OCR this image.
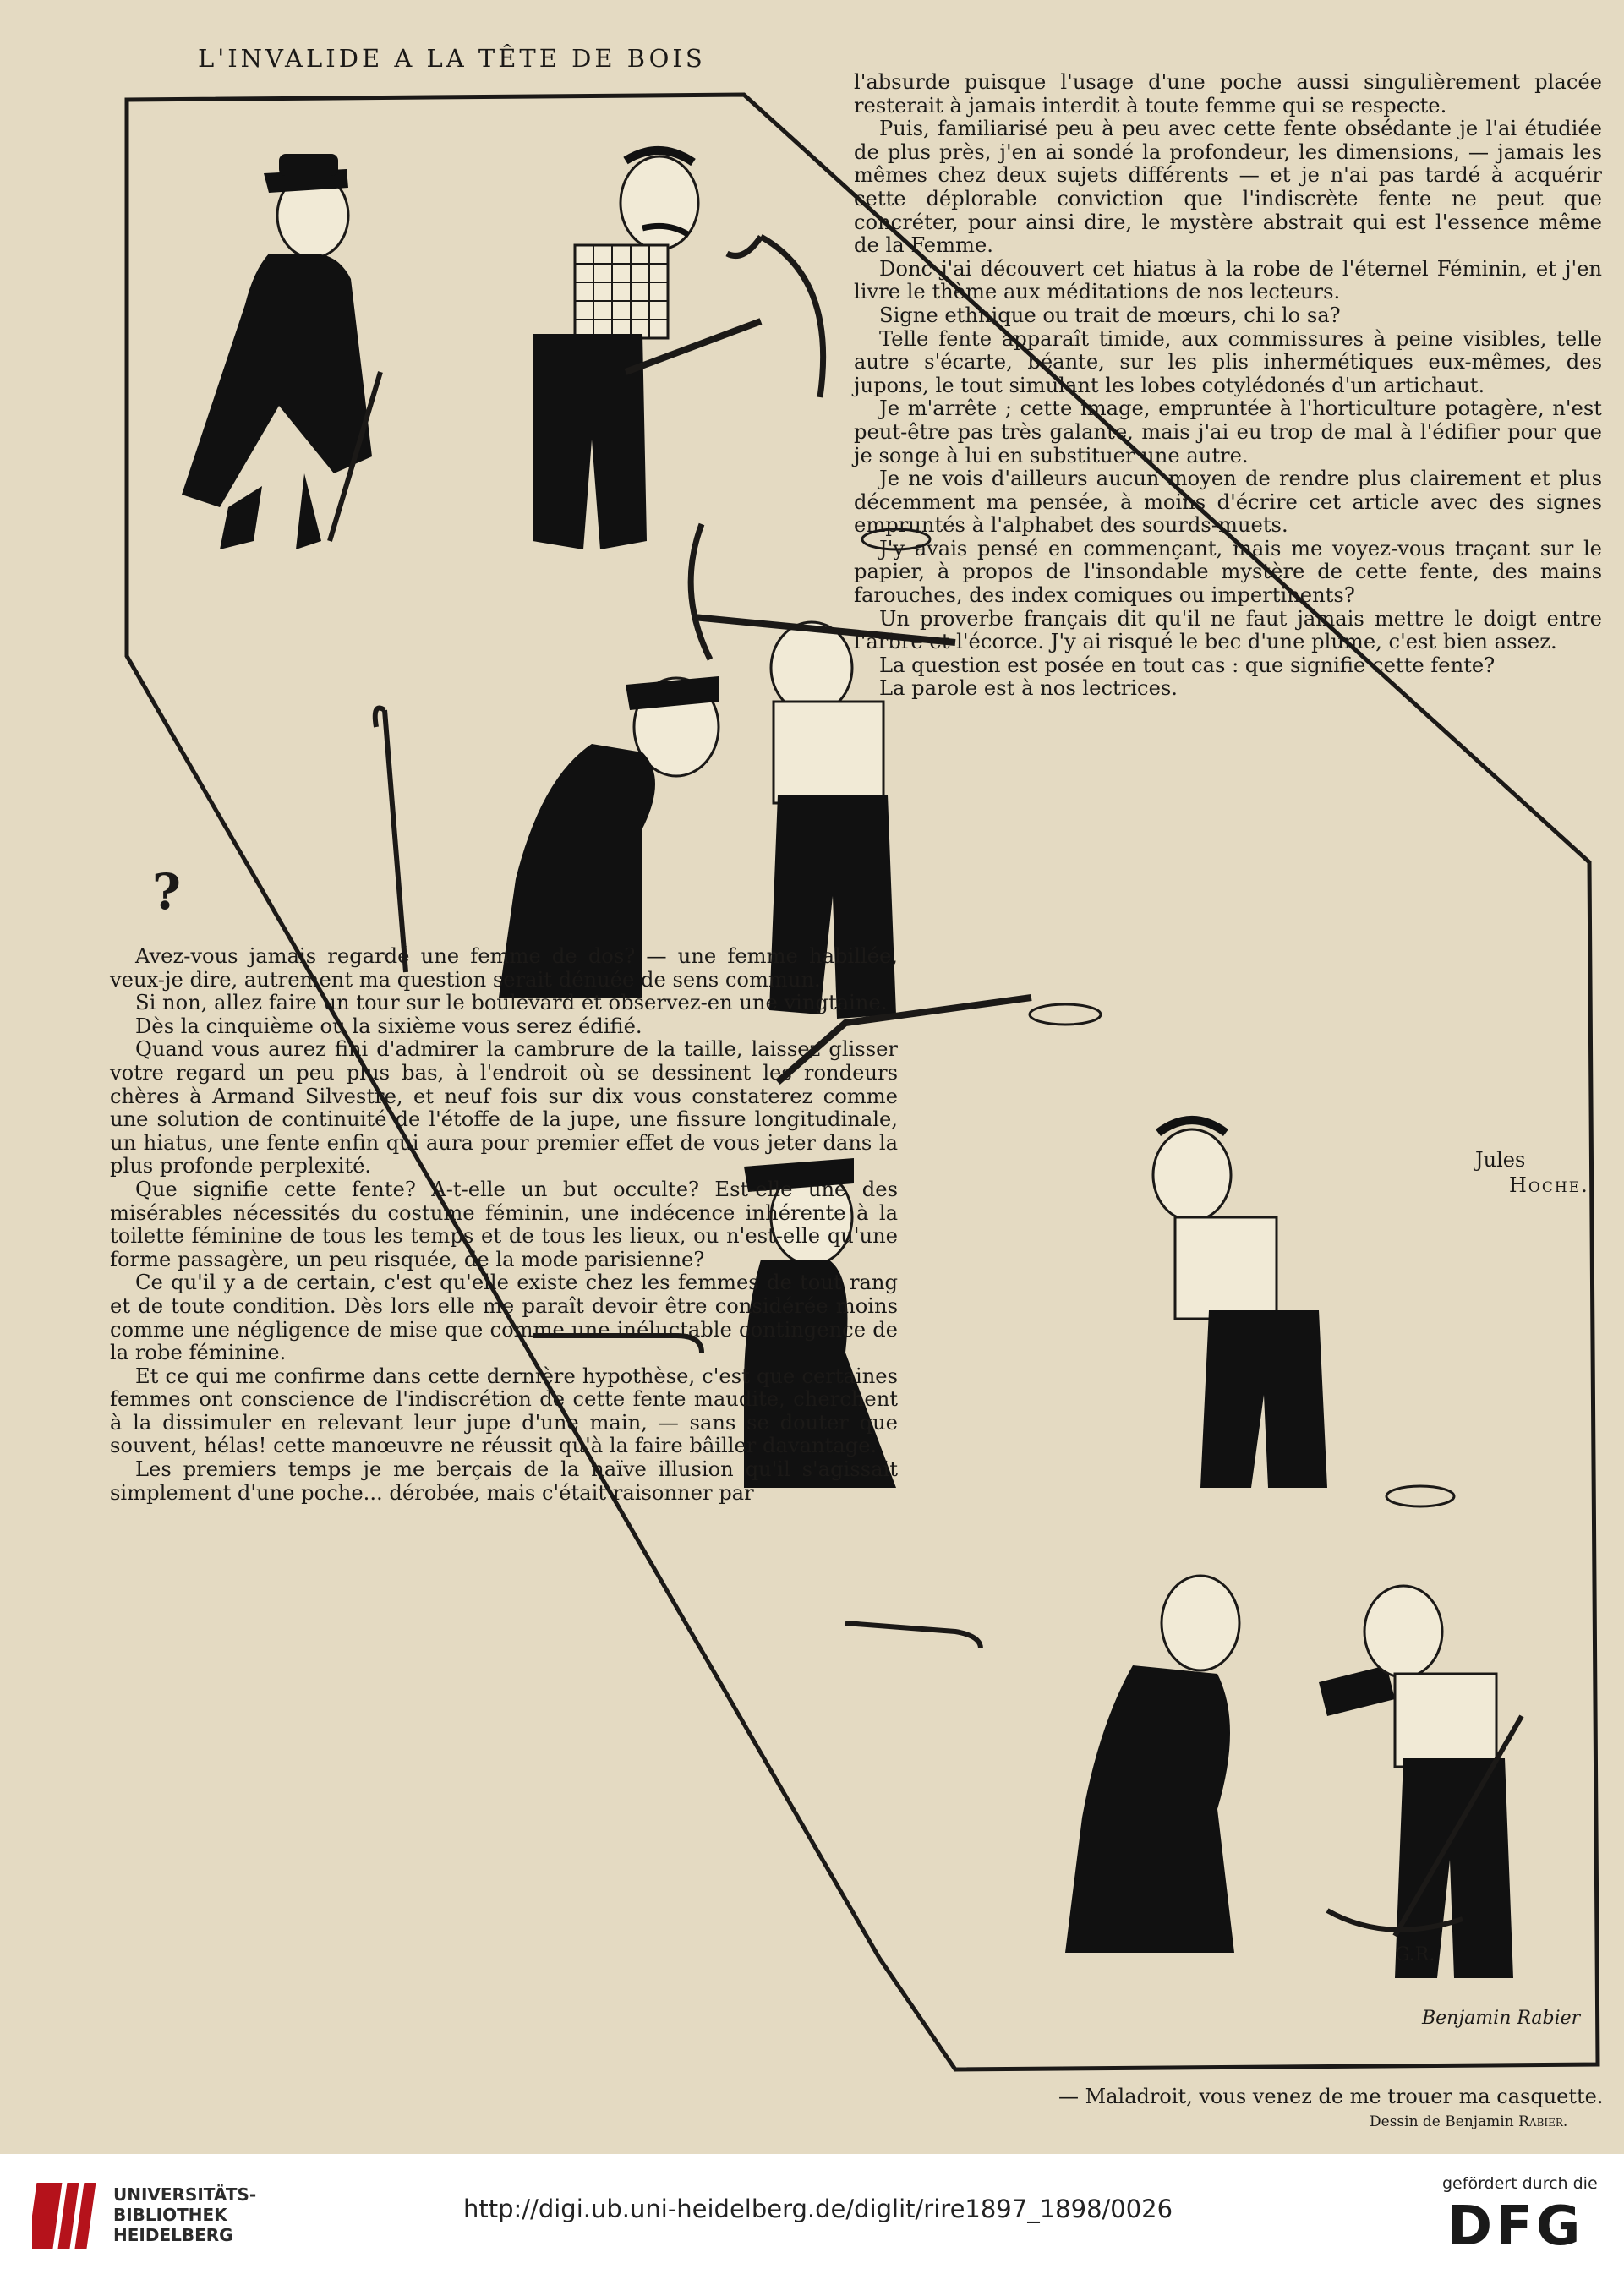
L'INVALIDE A LA TÊTE DE BOIS

l'absurde puisque l'usage d'une poche aussi singulièrement placée resterait à jamais interdit à toute femme qui se respecte.

Puis, familiarisé peu à peu avec cette fente obsédante je l'ai étudiée de plus près, j'en ai sondé la profondeur, les dimensions, — jamais les mêmes chez deux sujets différents — et je n'ai pas tardé à acquérir cette déplorable conviction que l'indiscrète fente ne peut que concréter, pour ainsi dire, le mystère abstrait qui est l'essence même de la Femme.

Donc j'ai découvert cet hiatus à la robe de l'éternel Féminin, et j'en livre le thème aux méditations de nos lecteurs.

Signe ethnique ou trait de mœurs, chi lo sa?

Telle fente apparaît timide, aux commissures à peine visibles, telle autre s'écarte, béante, sur les plis inhermétiques eux-mêmes, des jupons, le tout simulant les lobes cotylédonés d'un artichaut.

Je m'arrête ; cette image, empruntée à l'horticulture potagère, n'est peut-être pas très galante, mais j'ai eu trop de mal à l'édifier pour que je songe à lui en substituer une autre.

Je ne vois d'ailleurs aucun moyen de rendre plus clairement et plus décemment ma pensée, à moins d'écrire cet article avec des signes empruntés à l'alphabet des sourds-muets.

J'y avais pensé en commençant, mais me voyez-vous traçant sur le papier, à propos de l'insondable mystère de cette fente, des mains farouches, des index comiques ou impertinents?

Un proverbe français dit qu'il ne faut jamais mettre le doigt entre l'arbre et l'écorce. J'y ai risqué le bec d'une plume, c'est bien assez.

La question est posée en tout cas : que signifie cette fente?

La parole est à nos lectrices.

Jules
Hoche.
?

Avez-vous jamais regardé une femme de dos? — une femme habillée, veux-je dire, autrement ma question serait dénuée de sens commun.

Si non, allez faire un tour sur le boulevard et observez-en une vingtaine.

Dès la cinquième ou la sixième vous serez édifié.

Quand vous aurez fini d'admirer la cambrure de la taille, laissez glisser votre regard un peu plus bas, à l'endroit où se dessinent les rondeurs chères à Armand Silvestre, et neuf fois sur dix vous constaterez comme une solution de continuité de l'étoffe de la jupe, une fissure longitudinale, un hiatus, une fente enfin qui aura pour premier effet de vous jeter dans la plus profonde perplexité.

Que signifie cette fente? A-t-elle un but occulte? Est-elle une des misérables nécessités du costume féminin, une indécence inhérente à la toilette féminine de tous les temps et de tous les lieux, ou n'est-elle qu'une forme passagère, un peu risquée, de la mode parisienne?

Ce qu'il y a de certain, c'est qu'elle existe chez les femmes de tout rang et de toute condition. Dès lors elle me paraît devoir être considérée moins comme une négligence de mise que comme une inéluctable contingence de la robe féminine.

Et ce qui me confirme dans cette dernière hypothèse, c'est que certaines femmes ont conscience de l'indiscrétion de cette fente maudite, cherchent à la dissimuler en relevant leur jupe d'une main, — sans se douter que souvent, hélas! cette manœuvre ne réussit qu'à la faire bâiller davantage.

Les premiers temps je me berçais de la naïve illusion qu'il s'agissait simplement d'une poche... dérobée, mais c'était raisonner par

G.R.
Benjamin Rabier
— Maladroit, vous venez de me trouer ma casquette.
Dessin de Benjamin Rabier.
UNIVERSITÄTS-
BIBLIOTHEK
HEIDELBERG
http://digi.ub.uni-heidelberg.de/diglit/rire1897_1898/0026
gefördert durch die
DFG
